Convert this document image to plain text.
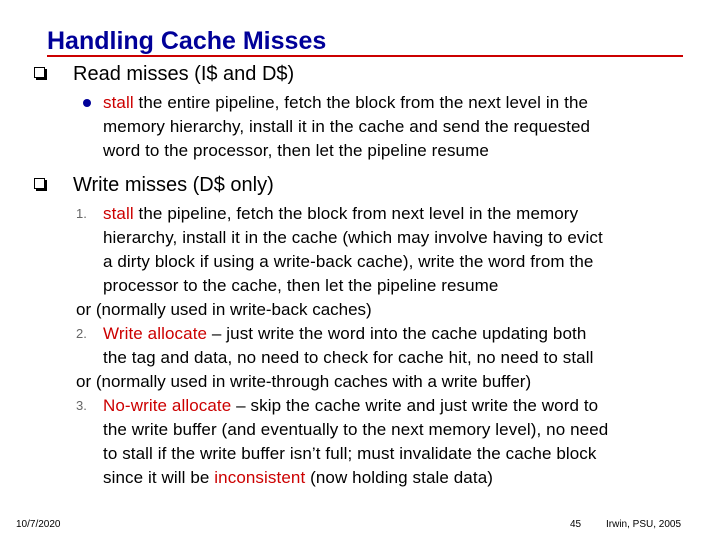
Handling Cache Misses
Read misses (I$ and D$)
stall the entire pipeline, fetch the block from the next level in the
memory hierarchy, install it in the cache and send the requested
word to the processor, then let the pipeline resume
Write misses (D$ only)
1. stall the pipeline, fetch the block from next level in the memory
hierarchy, install it in the cache (which may involve having to evict
a dirty block if using a write-back cache), write the word from the
processor to the cache, then let the pipeline resume
or (normally used in write-back caches)
2. Write allocate – just write the word into the cache updating both
the tag and data, no need to check for cache hit, no need to stall
or (normally used in write-through caches with a write buffer)
3. No-write allocate – skip the cache write and just write the word to
the write buffer (and eventually to the next memory level), no need
to stall if the write buffer isn’t full; must invalidate the cache block
since it will be inconsistent (now holding stale data)
10/7/2020	45 Irwin, PSU, 2005
